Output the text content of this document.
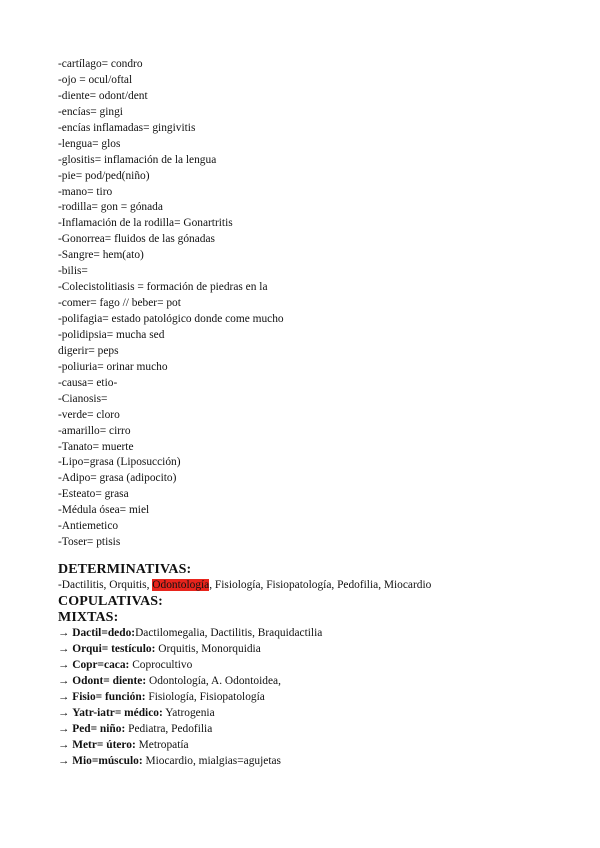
-cartílago= condro
-ojo = ocul/oftal
-diente= odont/dent
-encías= gingi
-encías inflamadas= gingivitis
-lengua= glos
-glositis= inflamación de la lengua
-pie= pod/ped(niño)
-mano= tiro
-rodilla= gon = gónada
-Inflamación de la rodilla= Gonartritis
-Gonorrea= fluidos de las gónadas
-Sangre= hem(ato)
-bilis=
-Colecistolitiasis = formación de piedras en la
-comer= fago // beber= pot
-polifagia= estado patológico donde come mucho
-polidipsia= mucha sed
digerir= peps
-poliuria= orinar mucho
-causa= etio-
-Cianosis=
-verde= cloro
-amarillo= cirro
-Tanato= muerte
-Lipo=grasa (Liposucción)
-Adipo= grasa (adipocito)
-Esteato= grasa
-Médula ósea= miel
-Antiemetico
-Toser= ptisis
DETERMINATIVAS:
-Dactilitis, Orquitis, Odontología, Fisiología, Fisiopatología, Pedofilia, Miocardio
COPULATIVAS:
MIXTAS:
→ Dactil=dedo:Dactilomegalia, Dactilitis, Braquidactilia
→ Orqui= testículo: Orquitis, Monorquidia
→ Copr=caca: Coprocultivo
→ Odont= diente: Odontología, A. Odontoidea,
→ Fisio= función: Fisiología, Fisiopatología
→ Yatr-iatr= médico: Yatrogenia
→ Ped= niño: Pediatra, Pedofilia
→ Metr= útero: Metropatía
→ Mio=músculo: Miocardio, mialgias=agujetas
